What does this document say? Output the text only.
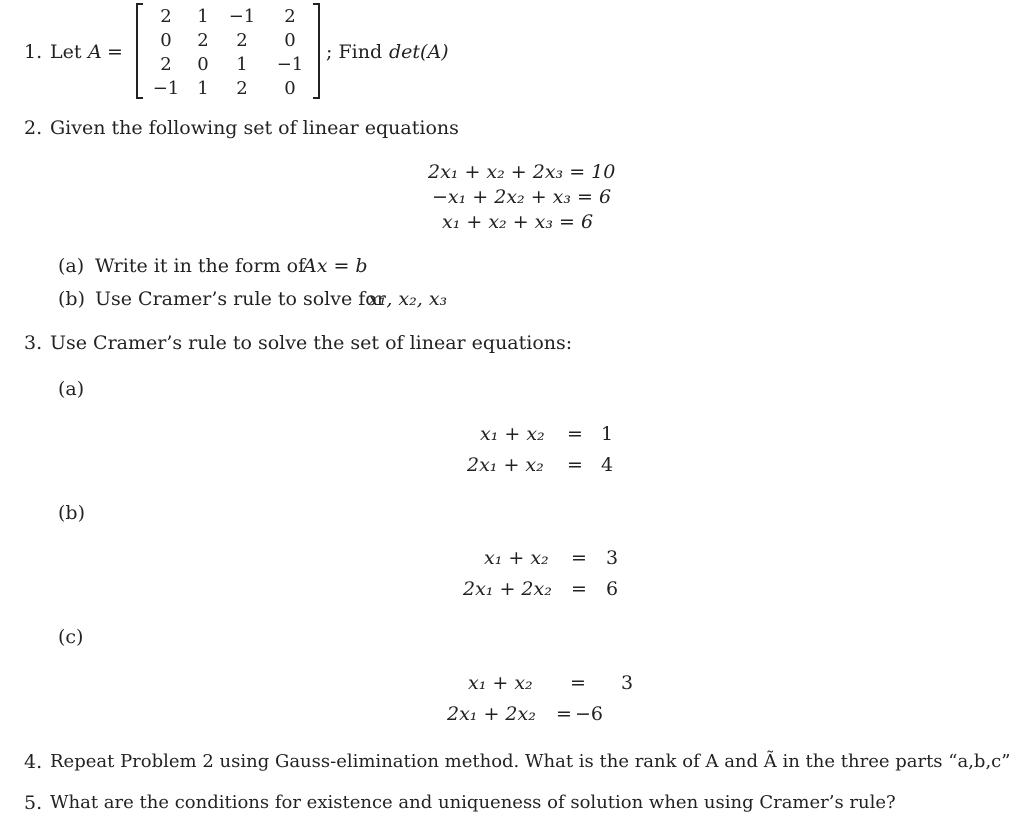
1. Let A =
2	1	−1	2
0	2	2	0
2	0	1	−1
−1	1	2	0
; Find det(A)
2. Given the following set of linear equations
2x₁ + x₂ + 2x₃ = 10
−x₁ + 2x₂ + x₃ = 6
x₁ + x₂ + x₃ = 6
(a) Write it in the form of
Ax = b
(b) Use Cramer’s rule to solve for
x₁, x₂, x₃
3. Use Cramer’s rule to solve the set of linear equations:
(a)
x₁ + x₂ = 1
2x₁ + x₂ = 4
(b)
x₁ + x₂ = 3
2x₁ + 2x₂ = 6
(c)
x₁ + x₂ = 3
2x₁ + 2x₂ = −6
4. Repeat Problem 2 using Gauss-elimination method. What is the rank of A and Ã in the three parts “a,b,c”
5. What are the conditions for existence and uniqueness of solution when using Cramer’s rule?
